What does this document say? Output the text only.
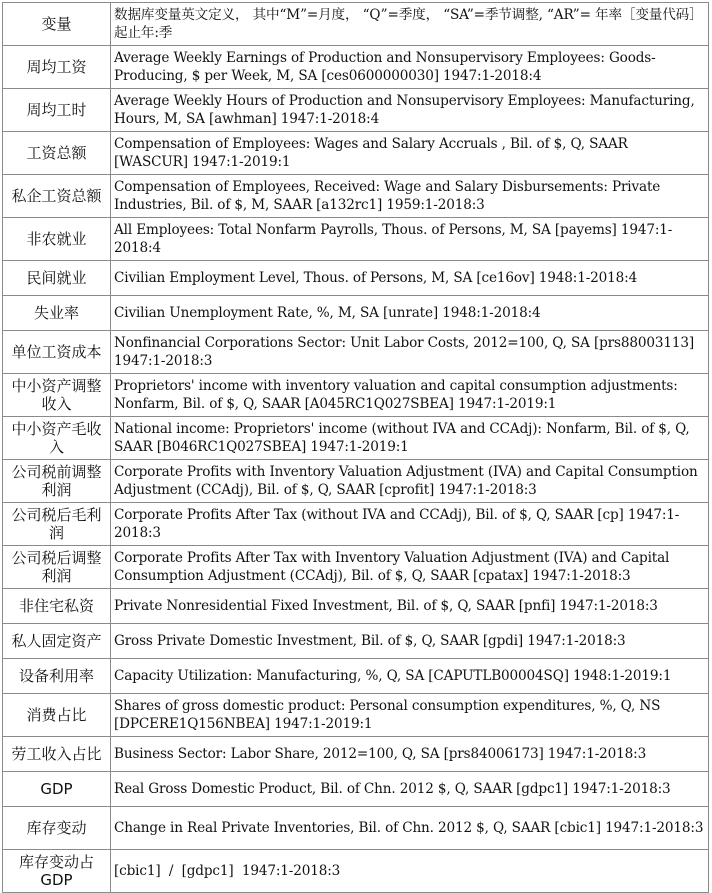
变量	数据库变量英文定义， 其中“M”=月度， “Q”=季度， “SA”=季节调整, “AR”= 年率［变量代码］起止年:季
周均工资	Average Weekly Earnings of Production and Nonsupervisory Employees: Goods-Producing, $ per Week, M, SA [ces0600000030] 1947:1-2018:4
周均工时	Average Weekly Hours of Production and Nonsupervisory Employees: Manufacturing, Hours, M, SA [awhman] 1947:1-2018:4
工资总额	Compensation of Employees: Wages and Salary Accruals , Bil. of $, Q, SAAR [WASCUR] 1947:1-2019:1
私企工资总额	Compensation of Employees, Received: Wage and Salary Disbursements: Private Industries, Bil. of $, M, SAAR [a132rc1] 1959:1-2018:3
非农就业	All Employees: Total Nonfarm Payrolls, Thous. of Persons, M, SA [payems] 1947:1-2018:4
民间就业	Civilian Employment Level, Thous. of Persons, M, SA [ce16ov] 1948:1-2018:4
失业率	Civilian Unemployment Rate, %, M, SA [unrate] 1948:1-2018:4
单位工资成本	Nonfinancial Corporations Sector: Unit Labor Costs, 2012=100, Q, SA [prs88003113] 1947:1-2018:3
中小资产调整收入	Proprietors' income with inventory valuation and capital consumption adjustments: Nonfarm, Bil. of $, Q, SAAR [A045RC1Q027SBEA] 1947:1-2019:1
中小资产毛收入	National income: Proprietors' income (without IVA and CCAdj): Nonfarm, Bil. of $, Q, SAAR [B046RC1Q027SBEA] 1947:1-2019:1
公司税前调整利润	Corporate Profits with Inventory Valuation Adjustment (IVA) and Capital Consumption Adjustment (CCAdj), Bil. of $, Q, SAAR [cprofit] 1947:1-2018:3
公司税后毛利润	Corporate Profits After Tax (without IVA and CCAdj), Bil. of $, Q, SAAR [cp] 1947:1-2018:3
公司税后调整利润	Corporate Profits After Tax with Inventory Valuation Adjustment (IVA) and Capital Consumption Adjustment (CCAdj), Bil. of $, Q, SAAR [cpatax] 1947:1-2018:3
非住宅私资	Private Nonresidential Fixed Investment, Bil. of $, Q, SAAR [pnfi] 1947:1-2018:3
私人固定资产	Gross Private Domestic Investment, Bil. of $, Q, SAAR [gpdi] 1947:1-2018:3
设备利用率	Capacity Utilization: Manufacturing, %, Q, SA [CAPUTLB00004SQ] 1948:1-2019:1
消费占比	Shares of gross domestic product: Personal consumption expenditures, %, Q, NS [DPCERE1Q156NBEA] 1947:1-2019:1
劳工收入占比	Business Sector: Labor Share, 2012=100, Q, SA [prs84006173] 1947:1-2018:3
GDP	Real Gross Domestic Product, Bil. of Chn. 2012 $, Q, SAAR [gdpc1] 1947:1-2018:3
库存变动	Change in Real Private Inventories, Bil. of Chn. 2012 $, Q, SAAR [cbic1] 1947:1-2018:3
库存变动占GDP	[cbic1]  /  [gdpc1]  1947:1-2018:3
